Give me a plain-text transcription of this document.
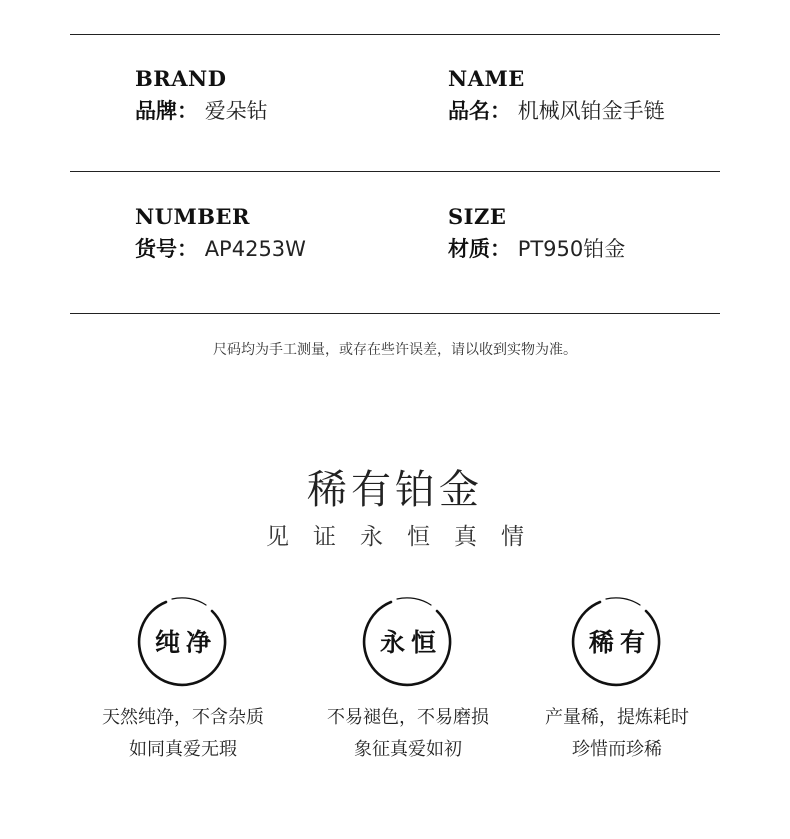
BRAND
品牌： 爱朵钻
NAME
品名： 机械风铂金手链
NUMBER
货号： AP4253W
SIZE
材质： PT950铂金
尺码均为手工测量，或存在些许误差，请以收到实物为准。
稀有铂金
见证永恒真情
纯净
天然纯净，不含杂质
如同真爱无瑕
永恒
不易褪色，不易磨损
象征真爱如初
稀有
产量稀，提炼耗时
珍惜而珍稀
